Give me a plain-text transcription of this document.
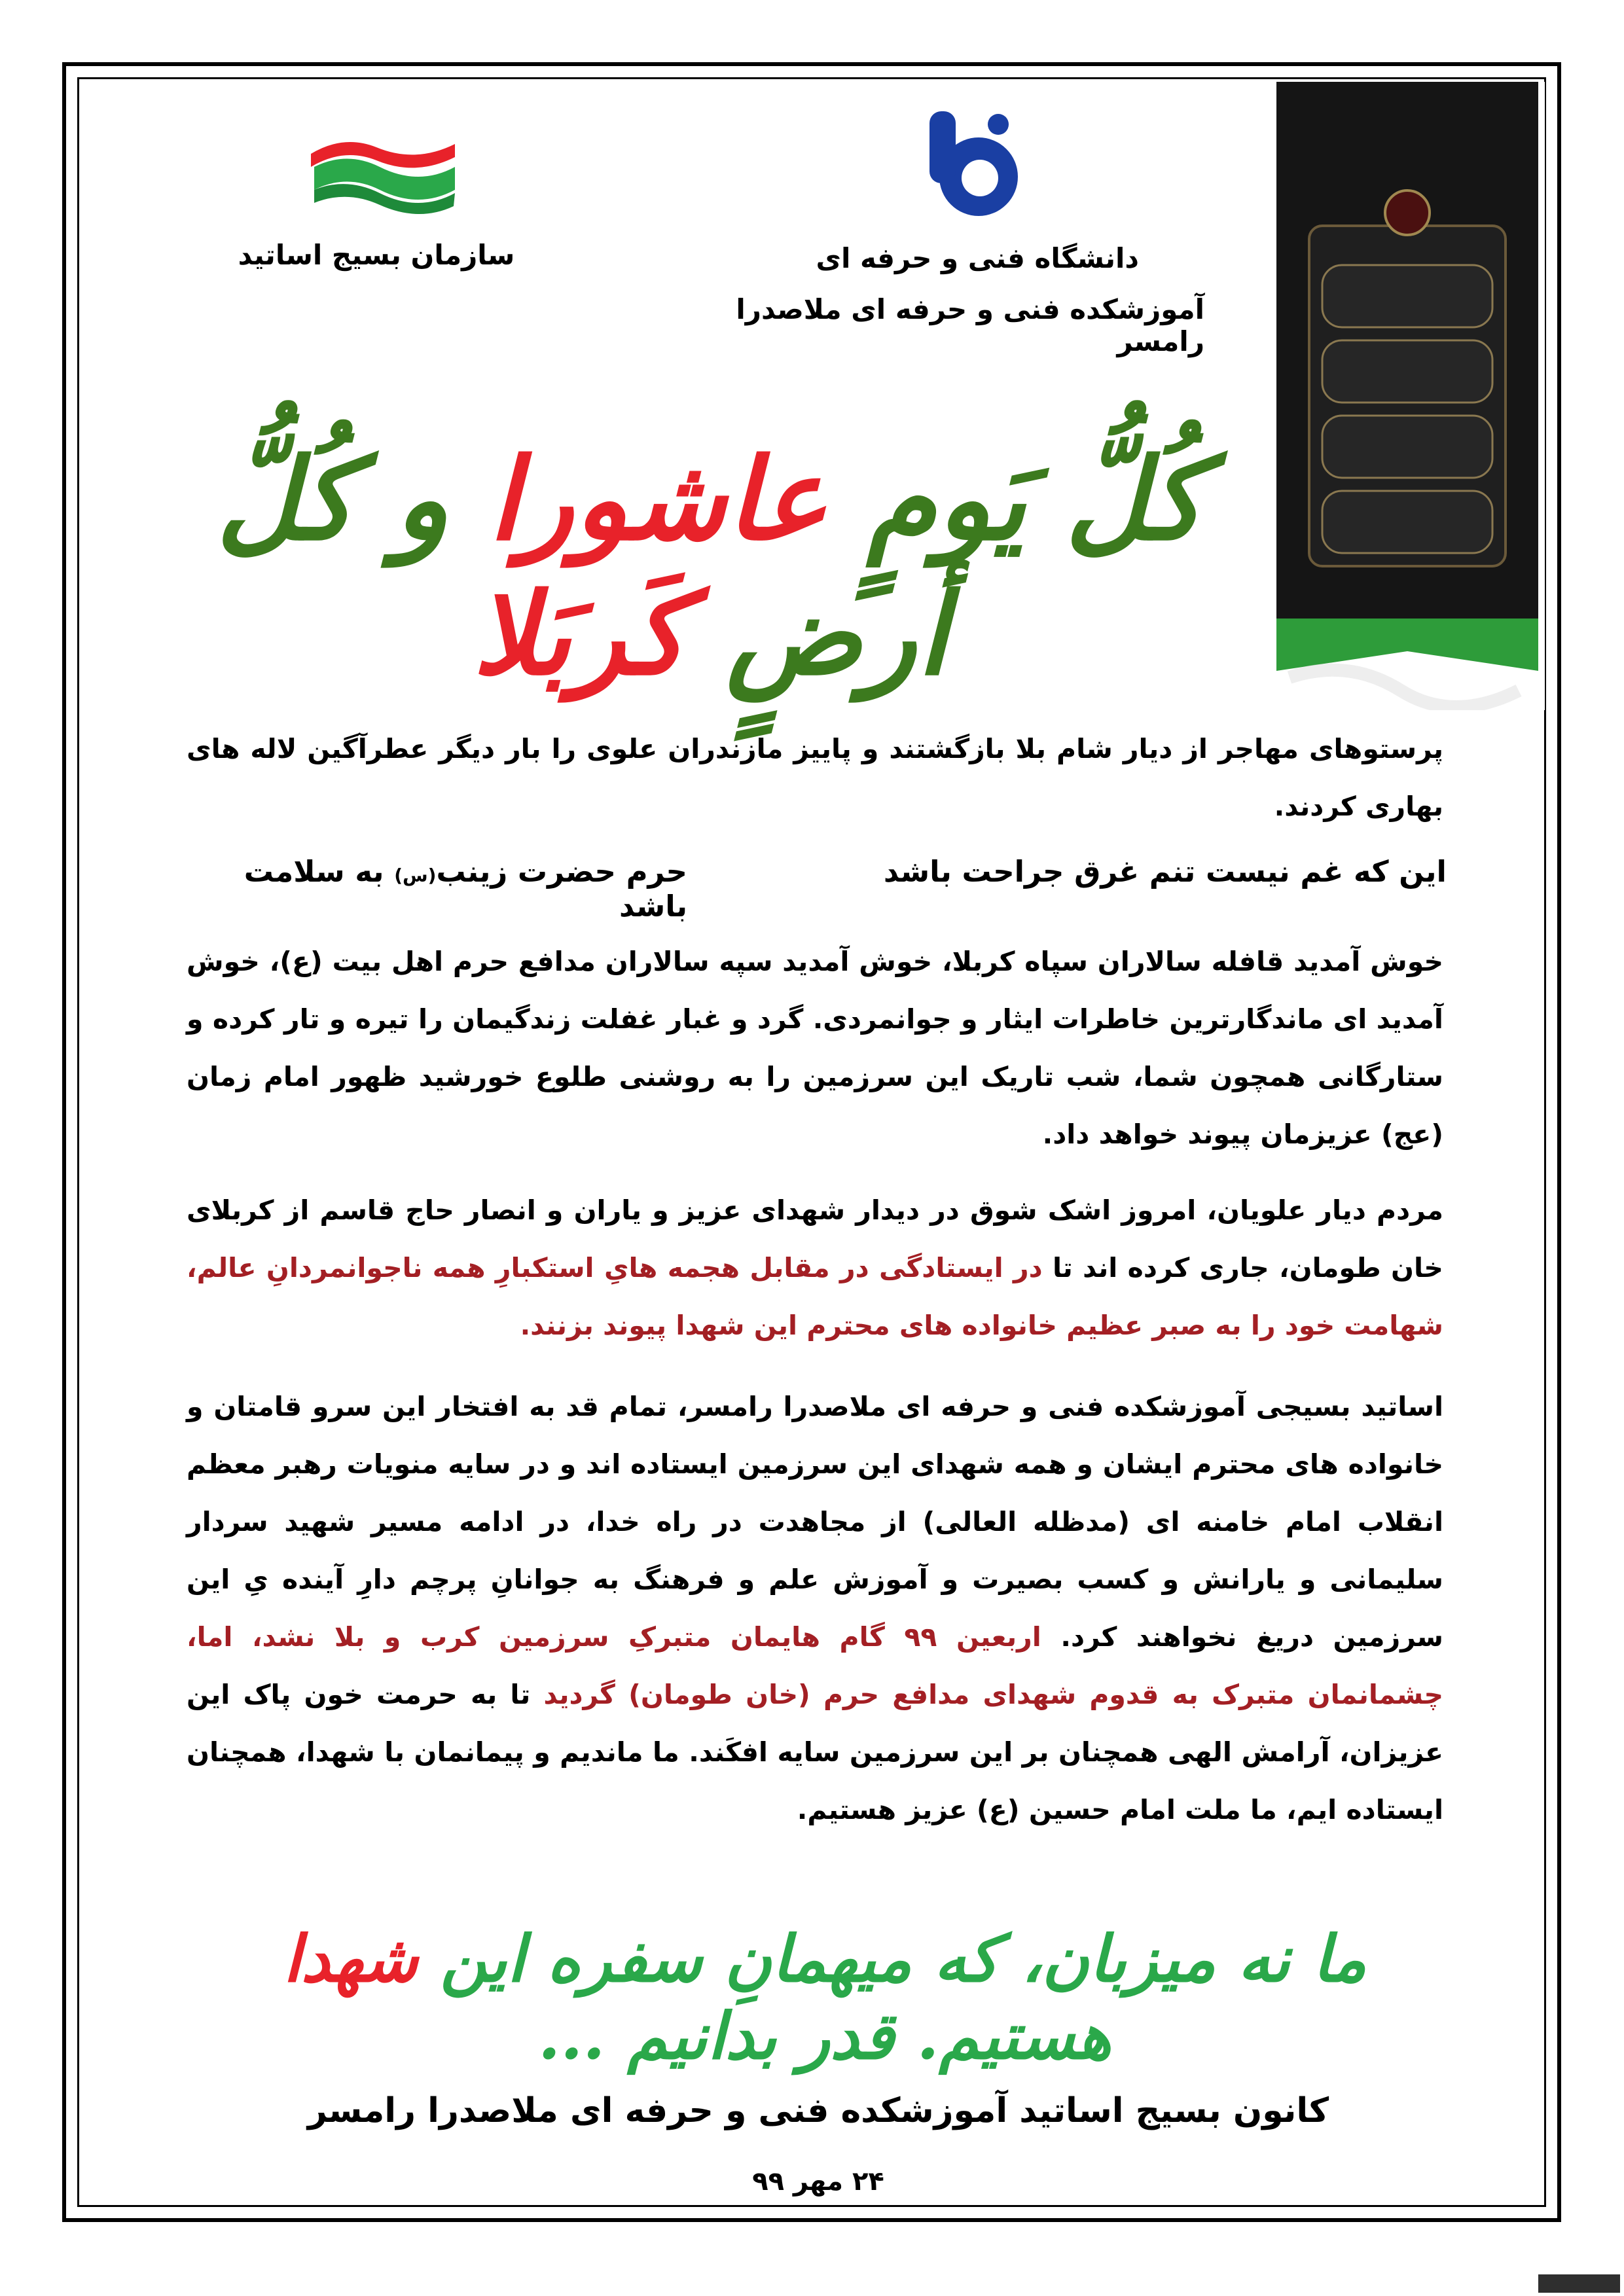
سازمان بسیج اساتید	دانشگاه فنی و حرفه ای
آموزشکده فنی و حرفه ای ملاصدرا رامسر
کُلُّ یَومٍ عاشورا و کُلُّ أرضٍ کَربَلا
پرستوهای مهاجر از دیار شام بلا بازگشتند و پاییز مازندران علوی را بار دیگر عطرآگین لاله های بهاری کردند.
این که غم نیست تنم غرق جراحت باشد
حرم حضرت زینب(س) به سلامت باشد
خوش آمدید قافله سالاران سپاه کربلا، خوش آمدید سپه سالاران مدافع حرم اهل بیت (ع)، خوش آمدید ای ماندگارترین خاطرات ایثار و جوانمردی. گرد و غبار غفلت زندگیمان را تیره و تار کرده و ستارگانی همچون شما، شب تاریک این سرزمین را به روشنی طلوع خورشید ظهور امام زمان (عج) عزیزمان پیوند خواهد داد.
مردم دیار علویان، امروز اشک شوق در دیدار شهدای عزیز و یاران و انصار حاج قاسم از کربلای خان طومان، جاری کرده اند تا در ایستادگی در مقابل هجمه هایِ استکبارِ همه ناجوانمردانِ عالم، شهامت خود را به صبر عظیم خانواده های محترم این شهدا پیوند بزنند.
اساتید بسیجی آموزشکده فنی و حرفه ای ملاصدرا رامسر، تمام قد به افتخار این سرو قامتان و خانواده های محترم ایشان و همه شهدای این سرزمین ایستاده اند و در سایه منویات رهبر معظم انقلاب امام خامنه ای (مدظله العالی) از مجاهدت در راه خدا، در ادامه مسیر شهید سردار سلیمانی و یارانش و کسب بصیرت و آموزش علم و فرهنگ به جوانانِ پرچم دارِ آینده یِ این سرزمین دریغ نخواهند کرد. اربعین ۹۹ گام هایمان متبرکِ سرزمین کرب و بلا نشد، اما، چشمانمان متبرک به قدوم شهدای مدافع حرم (خان طومان) گردید تا به حرمت خون پاک این عزیزان، آرامش الهی همچنان بر این سرزمین سایه افکَند. ما ماندیم و پیمانمان با شهدا، همچنان ایستاده ایم، ما ملت امام حسین (ع) عزیز هستیم.
ما نه میزبان، که میهمانِ سفره این شهدا هستیم. قدر بدانیم ...
کانون بسیج اساتید آموزشکده فنی و حرفه ای ملاصدرا رامسر
۲۴ مهر ۹۹
